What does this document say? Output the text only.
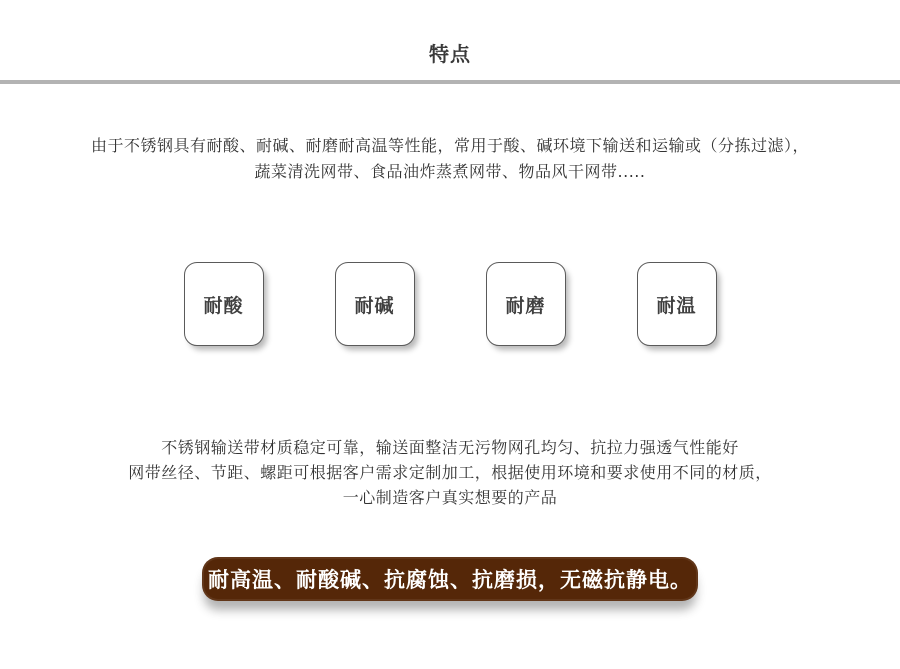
特点

由于不锈钢具有耐酸、耐碱、耐磨耐高温等性能，常用于酸、碱环境下输送和运输或（分拣过滤），
蔬菜清洗网带、食品油炸蒸煮网带、物品风干网带.....

耐酸	耐碱	耐磨	耐温

不锈钢输送带材质稳定可靠，输送面整洁无污物网孔均匀、抗拉力强透气性能好
网带丝径、节距、螺距可根据客户需求定制加工，根据使用环境和要求使用不同的材质，
一心制造客户真实想要的产品

耐高温、耐酸碱、抗腐蚀、抗磨损，无磁抗静电。
